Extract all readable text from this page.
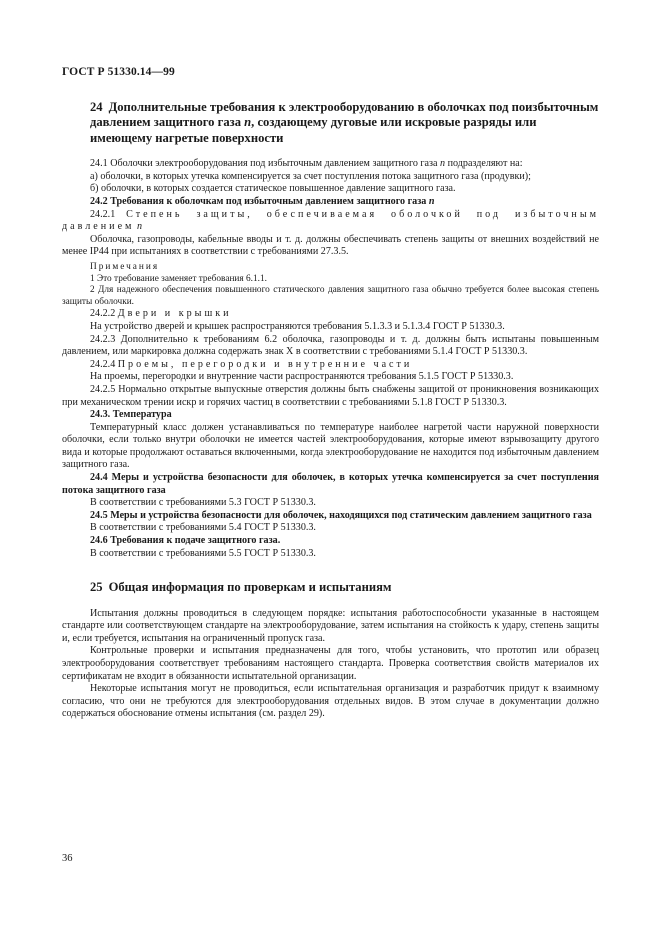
ГОСТ Р 51330.14—99
24 Дополнительные требования к электрооборудованию в оболочках под поизбыточным давлением защитного газа n, создающему дуговые или искровые разряды или имеющему нагретые поверхности

24.1 Оболочки электрооборудования под избыточным давлением защитного газа n подразделяют на:

а) оболочки, в которых утечка компенсируется за счет поступления потока защитного газа (продувки);

б) оболочки, в которых создается статическое повышенное давление защитного газа.

24.2 Требования к оболочкам под избыточным давлением защитного газа n

24.2.1 Степень защиты, обеспечиваемая оболочкой под избыточным давлением n

Оболочка, газопроводы, кабельные вводы и т. д. должны обеспечивать степень защиты от внешних воздействий не менее IP44 при испытаниях в соответствии с требованиями 27.3.5.

Примечания

1 Это требование заменяет требования 6.1.1.

2 Для надежного обеспечения повышенного статического давления защитного газа обычно требуется более высокая степень защиты оболочки.

24.2.2 Двери и крышки

На устройство дверей и крышек распространяются требования 5.1.3.3 и 5.1.3.4 ГОСТ Р 51330.3.

24.2.3 Дополнительно к требованиям 6.2 оболочка, газопроводы и т. д. должны быть испытаны повышенным давлением, или маркировка должна содержать знак X в соответствии с требованиями 5.1.4 ГОСТ Р 51330.3.

24.2.4 Проемы, перегородки и внутренние части

На проемы, перегородки и внутренние части распространяются требования 5.1.5 ГОСТ Р 51330.3.

24.2.5 Нормально открытые выпускные отверстия должны быть снабжены защитой от проникновения возникающих при механическом трении искр и горячих частиц в соответствии с требованиями 5.1.8 ГОСТ Р 51330.3.

24.3. Температура

Температурный класс должен устанавливаться по температуре наиболее нагретой части наружной поверхности оболочки, если только внутри оболочки не имеется частей электрооборудования, которые имеют взрывозащиту другого вида и которые продолжают оставаться включенными, когда электрооборудование не находится под избыточным давлением защитного газа.

24.4 Меры и устройства безопасности для оболочек, в которых утечка компенсируется за счет поступления потока защитного газа

В соответствии с требованиями 5.3 ГОСТ Р 51330.3.

24.5 Меры и устройства безопасности для оболочек, находящихся под статическим давлением защитного газа

В соответствии с требованиями 5.4 ГОСТ Р 51330.3.

24.6 Требования к подаче защитного газа.

В соответствии с требованиями 5.5 ГОСТ Р 51330.3.

25 Общая информация по проверкам и испытаниям

Испытания должны проводиться в следующем порядке: испытания работоспособности указанные в настоящем стандарте или соответствующем стандарте на электрооборудование, затем испытания на стойкость к удару, степень защиты и, если требуется, испытания на ограниченный пропуск газа.

Контрольные проверки и испытания предназначены для того, чтобы установить, что прототип или образец электрооборудования соответствует требованиям настоящего стандарта. Проверка соответствия свойств материалов их сертификатам не входит в обязанности испытательной организации.

Некоторые испытания могут не проводиться, если испытательная организация и разработчик придут к взаимному согласию, что они не требуются для электрооборудования отдельных видов. В этом случае в документации должно содержаться обоснование отмены испытания (см. раздел 29).

36
